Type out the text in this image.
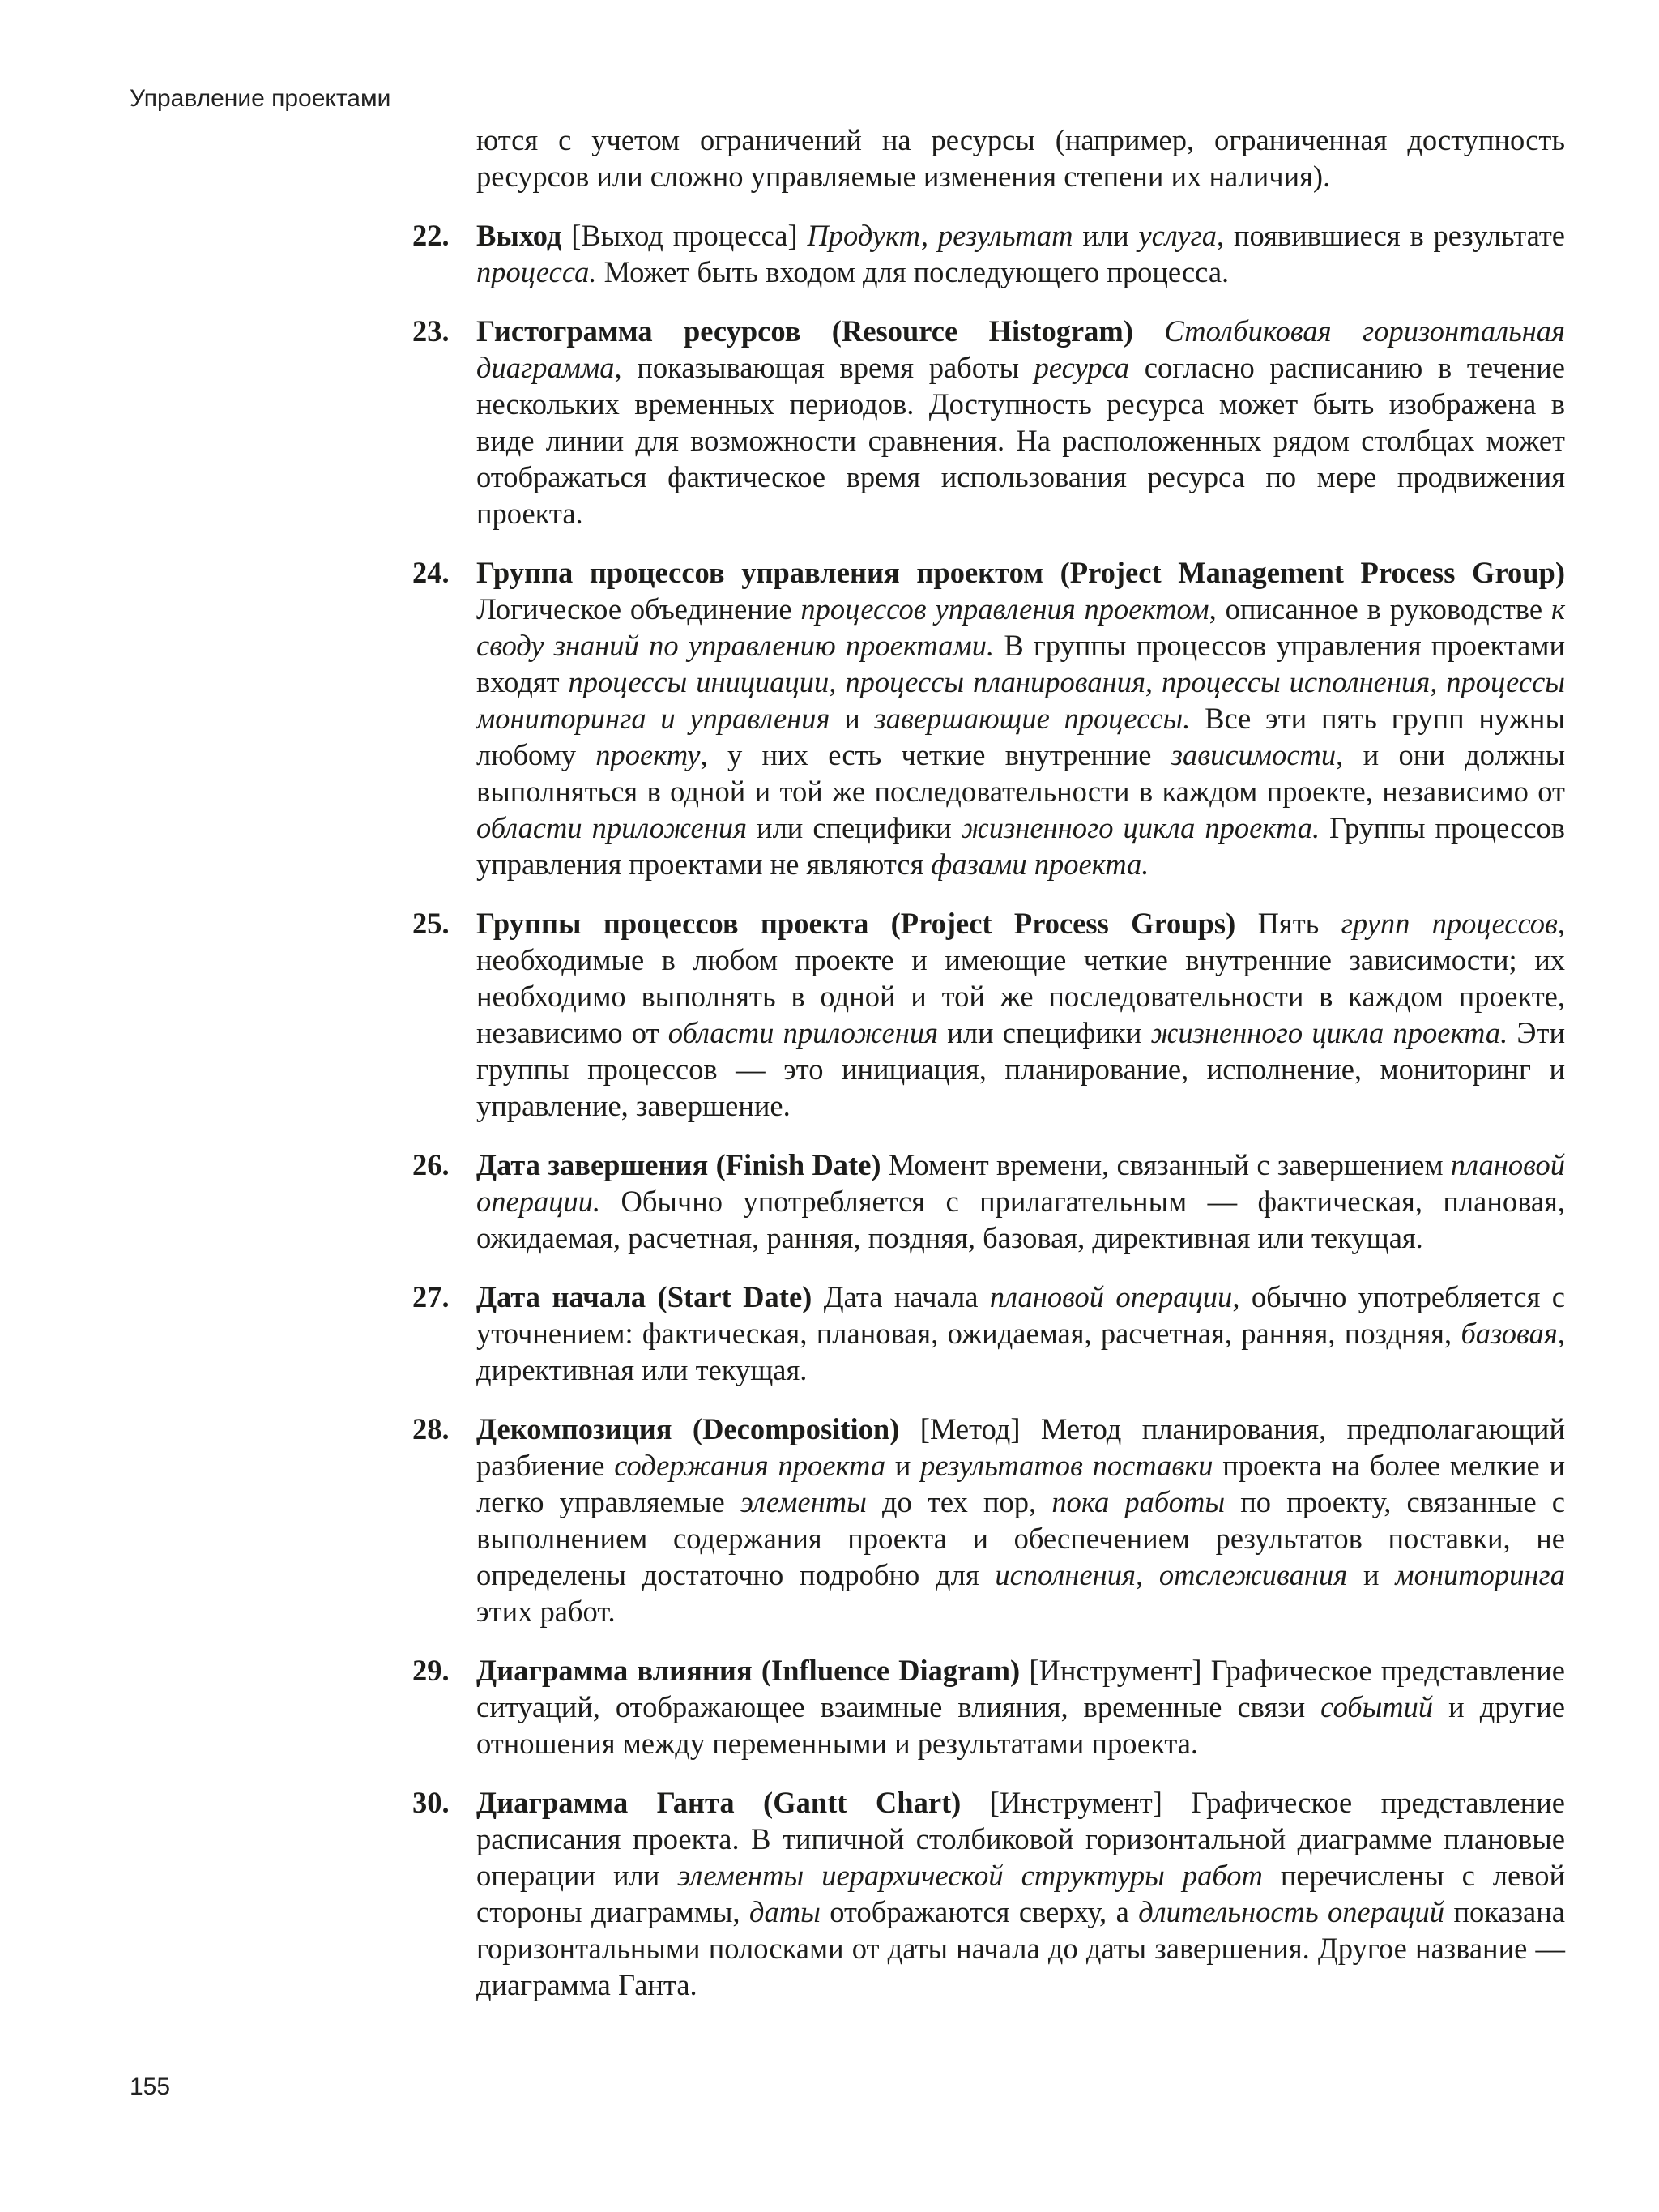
Управление проектами

ются с учетом ограничений на ресурсы (например, ограниченная доступность ресурсов или сложно управляемые изменения степени их наличия).

22. Выход [Выход процесса] Продукт, результат или услуга, появившиеся в результате процесса. Может быть входом для последующего процесса.
23. Гистограмма ресурсов (Resource Histogram) Столбиковая горизонтальная диаграмма, показывающая время работы ресурса согласно расписанию в течение нескольких временных периодов. Доступность ресурса может быть изображена в виде линии для возможности сравнения. На расположенных рядом столбцах может отображаться фактическое время использования ресурса по мере продвижения проекта.
24. Группа процессов управления проектом (Project Management Process Group) Логическое объединение процессов управления проектом, описанное в руководстве к своду знаний по управлению проектами. В группы процессов управления проектами входят процессы инициации, процессы планирования, процессы исполнения, процессы мониторинга и управления и завершающие процессы. Все эти пять групп нужны любому проекту, у них есть четкие внутренние зависимости, и они должны выполняться в одной и той же последовательности в каждом проекте, независимо от области приложения или специфики жизненного цикла проекта. Группы процессов управления проектами не являются фазами проекта.
25. Группы процессов проекта (Project Process Groups) Пять групп процессов, необходимые в любом проекте и имеющие четкие внутренние зависимости; их необходимо выполнять в одной и той же последовательности в каждом проекте, независимо от области приложения или специфики жизненного цикла проекта. Эти группы процессов — это инициация, планирование, исполнение, мониторинг и управление, завершение.
26. Дата завершения (Finish Date) Момент времени, связанный с завершением плановой операции. Обычно употребляется с прилагательным — фактическая, плановая, ожидаемая, расчетная, ранняя, поздняя, базовая, директивная или текущая.
27. Дата начала (Start Date) Дата начала плановой операции, обычно употребляется с уточнением: фактическая, плановая, ожидаемая, расчетная, ранняя, поздняя, базовая, директивная или текущая.
28. Декомпозиция (Decomposition) [Метод] Метод планирования, предполагающий разбиение содержания проекта и результатов поставки проекта на более мелкие и легко управляемые элементы до тех пор, пока работы по проекту, связанные с выполнением содержания проекта и обеспечением результатов поставки, не определены достаточно подробно для исполнения, отслеживания и мониторинга этих работ.
29. Диаграмма влияния (Influence Diagram) [Инструмент] Графическое представление ситуаций, отображающее взаимные влияния, временные связи событий и другие отношения между переменными и результатами проекта.
30. Диаграмма Ганта (Gantt Chart) [Инструмент] Графическое представление расписания проекта. В типичной столбиковой горизонтальной диаграмме плановые операции или элементы иерархической структуры работ перечислены с левой стороны диаграммы, даты отображаются сверху, а длительность операций показана горизонтальными полосками от даты начала до даты завершения. Другое название — диаграмма Ганта.
155
